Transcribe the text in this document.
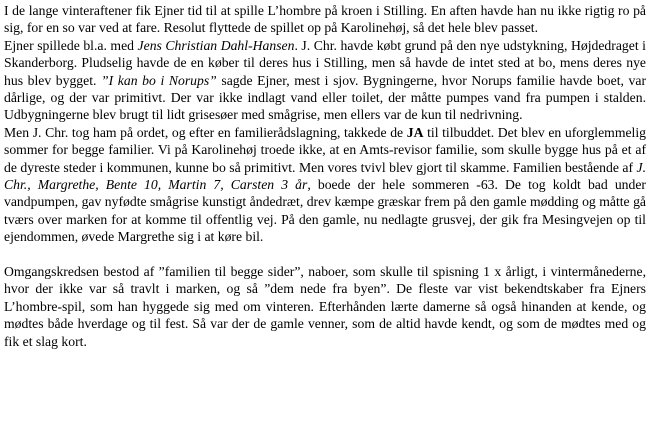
I de lange vinteraftener fik Ejner tid til at spille L’hombre på kroen i Stilling. En aften havde han nu ikke rigtig ro på sig, for en so var ved at fare. Resolut flyttede de spillet op på Karolinehøj, så det hele blev passet.

Ejner spillede bl.a. med Jens Christian Dahl-Hansen. J. Chr. havde købt grund på den nye udstykning, Højdedraget i Skanderborg. Pludselig havde de en køber til deres hus i Stilling, men så havde de intet sted at bo, mens deres nye hus blev bygget. ”I kan bo i Norups” sagde Ejner, mest i sjov. Bygningerne, hvor Norups familie havde boet, var dårlige, og der var primitivt. Der var ikke indlagt vand eller toilet, der måtte pumpes vand fra pumpen i stalden. Udbygningerne blev brugt til lidt grisesøer med smågrise, men ellers var de kun til nedrivning.

Men J. Chr. tog ham på ordet, og efter en familierådslagning, takkede de JA til tilbuddet. Det blev en uforglemmelig sommer for begge familier. Vi på Karolinehøj troede ikke, at en Amts-revisor familie, som skulle bygge hus på et af de dyreste steder i kommunen, kunne bo så primitivt. Men vores tvivl blev gjort til skamme. Familien bestående af J. Chr., Margrethe, Bente 10, Martin 7, Carsten 3 år, boede der hele sommeren -63. De tog koldt bad under vandpumpen, gav nyfødte smågrise kunstigt åndedræt, drev kæmpe græskar frem på den gamle mødding og måtte gå tværs over marken for at komme til offentlig vej. På den gamle, nu nedlagte grusvej, der gik fra Mesingvejen op til ejendommen, øvede Margrethe sig i at køre bil.

Omgangskredsen bestod af ”familien til begge sider”, naboer, som skulle til spisning 1 x årligt, i vintermånederne, hvor der ikke var så travlt i marken, og så ”dem nede fra byen”. De fleste var vist bekendtskaber fra Ejners L’hombre-spil, som han hyggede sig med om vinteren. Efterhånden lærte damerne så også hinanden at kende, og mødtes både hverdage og til fest. Så var der de gamle venner, som de altid havde kendt, og som de mødtes med og fik et slag kort.
